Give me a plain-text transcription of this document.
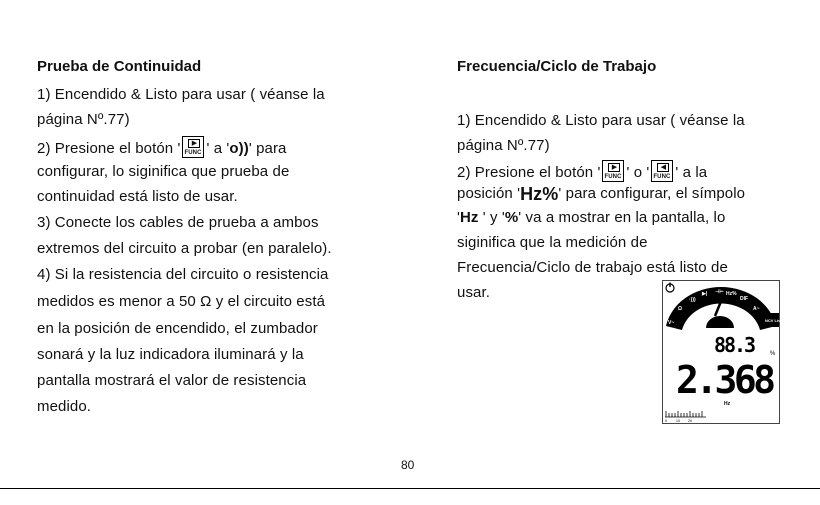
Prueba de Continuidad
1) Encendido & Listo para usar ( véanse la
página Nº.77)
2) Presione el botón ' ▶
FUNC ' a 'o))' para
configurar, lo siginifica que prueba de
continuidad está listo de usar.
3) Conecte los cables de prueba a ambos
extremos del circuito a probar (en paralelo).
4) Si la resistencia del circuito o resistencia
medidos es menor a 50 Ω y el circuito está
en la posición de encendido, el zumbador
sonará y la luz indicadora iluminará y la
pantalla mostrará el valor de resistencia
medido.
Frecuencia/Ciclo de Trabajo
1) Encendido & Listo para usar ( véanse la
página Nº.77)
2) Presione el botón ' ▶
FUNC ' o ' ◀
FUNC ' a la
posición 'Hz%' para configurar, el símpolo
'Hz ' y '%' va a mostrar en la pantalla, lo
siginifica que la medición de
Frecuencia/Ciclo de trabajo está listo de
usar.
V~
Ω
·)))
▶| ⊣⊢ Hz%
DIF
A~
NCV Live
88.3 %
2.368
Hz
0	10 20
80
